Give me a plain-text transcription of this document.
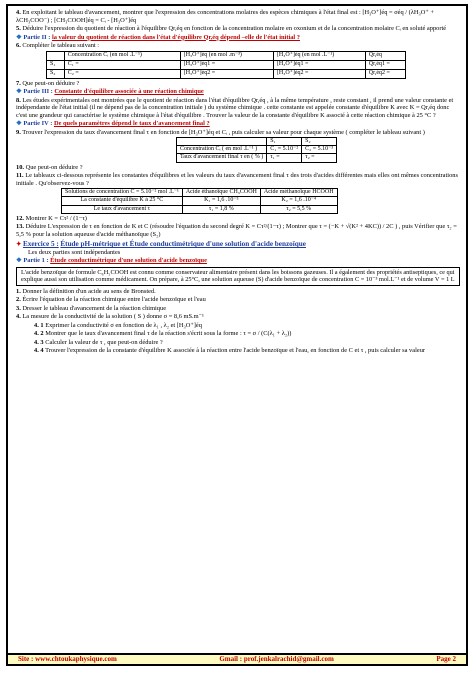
4. En exploitant le tableau d'avancement, montrer que l'expression des concentrations molaires des espèces chimiques à l'état final est : [H₃O⁺]éq = σéq / (λH₃O⁺ + λCH₃COO⁻) ; [CH₃COOH]éq = Cᵢ - [H₃O⁺]éq
5. Déduire l'expression du quotient de réaction à l'équilibre Qr,éq en fonction de la concentration molaire en oxonium et de la concentration molaire Cᵢ en soluté apporté
❖ Partie II : la valeur du quotient de réaction dans l'état d'équilibre Qr,éq dépend –elle de l'état initial ?
6. Compléter le tableau suivant :
	Concentration Cᵢ (en mol .L⁻¹)	[H₃O⁺]éq (en mol .m⁻³)	[H₃O⁺]éq (en mol .L⁻¹)	Qr,éq
S₁	C₁ =	[H₃O⁺]éq1 =	[H₃O⁺]éq1 =	Qr,éq1 =
S₂	C₂ =	[H₃O⁺]éq2 =	[H₃O⁺]éq2 =	Qr,éq2 =
7. Que peut-on déduire ?
❖ Partie III : Constante d'équilibre associée à une réaction chimique
8. Les études expérimentales ont montrées que le quotient de réaction dans l'état d'équilibre Qr,éq , à la même température , reste constant , il prend une valeur constante et indépendante de l'état initial (il ne dépend pas de la concentration initiale ) du système chimique . cette constante est appelée constante d'équilibre K avec K = Qr,éq donc c'est une grandeur qui caractérise le système chimique à l'état d'équilibre . Trouver la valeur de la constante d'équilibre K associé à cette réaction chimique à 25 °C ?
❖ Partie IV : De quels paramètres dépend le taux d'avancement final ?
9. Trouver l'expression du taux d'avancement final τ en fonction de [H₃O⁺]éq et Cᵢ , puis calculer sa valeur pour chaque système ( compléter le tableau suivant )
	S₁	S₂
Concentration Cᵢ ( en mol .L⁻¹ )	C₁ = 5.10⁻²	C₂ = 5.10⁻³
Taux d'avancement final τ en ( % )	τ₁ =	τ₂ =
10. Que peut-on déduire ?
11. Le tableaux ci-dessous représente les constantes d'équilibres et les valeurs du taux d'avancement final τ des trois d'acides différentes mais elles ont mêmes concentrations initiale . Qu'observez-vous ?
Solutions de concentration C = 5.10⁻² mol .L⁻¹	Acide éthanoïque CH₃COOH	Acide méthanoïque HCOOH
La constante d'équilibre K à 25 °C	K₁ = 1,6 .10⁻⁵	K₂ = 1,6 .10⁻⁴
Le taux d'avancement τ	τ₁ = 1,8 %	τ₂ = 5,5 %
12. Montrer K = Cτ² / (1−τ)
13. Déduire L'expression de τ en fonction de K et C (résoudre l'équation du second degré K = Cτ²/(1−τ) ; Montrer que τ = (−K + √(K² + 4KC)) / 2C ) , puis Vérifier que τ₂ = 5,5 % pour la solution aqueuse d'acide méthanoïque (S₂)
✦ Exercice 5 : Étude pH-métrique et Étude conductimétrique d'une solution d'acide benzoïque
Les deux parties sont indépendantes
❖ Partie 1 : Étude conductimétrique d'une solution d'acide benzoïque
L'acide benzoïque de formule C₆H₅COOH est connu comme conservateur alimentaire présent dans les boissons gazeuses. Il a également des propriétés antiseptiques, ce qui explique aussi son utilisation comme médicament. On prépare, à 25°C, une solution aqueuse (S) d'acide benzoïque de concentration C = 10⁻³ mol.L⁻¹ et de volume V = 1 L
1. Donner la définition d'un acide au sens de Bronsted.
2. Écrire l'équation de la réaction chimique entre l'acide benzoïque et l'eau
3. Dresser le tableau d'avancement de la réaction chimique
4. La mesure de la conductivité de la solution ( S ) donne σ = 8,6 mS.m⁻¹
4. 1 Exprimer la conductivité σ en fonction de λ₁ , λ₂ et [H₃O⁺]éq
4. 2 Montrer que le taux d'avancement final τ de la réaction s'écrit sous la forme : τ = σ / (C(λ₁ + λ₂))
4. 3 Calculer la valeur de τ , que peut-on déduire ?
4. 4 Trouver l'expression de la constante d'équilibre K associée à la réaction entre l'acide benzoïque et l'eau, en fonction de C et τ , puis calculer sa valeur
Site : www.chtoukaphysique.com	Gmail : prof.jenkalrachid@gmail.com	Page 2
